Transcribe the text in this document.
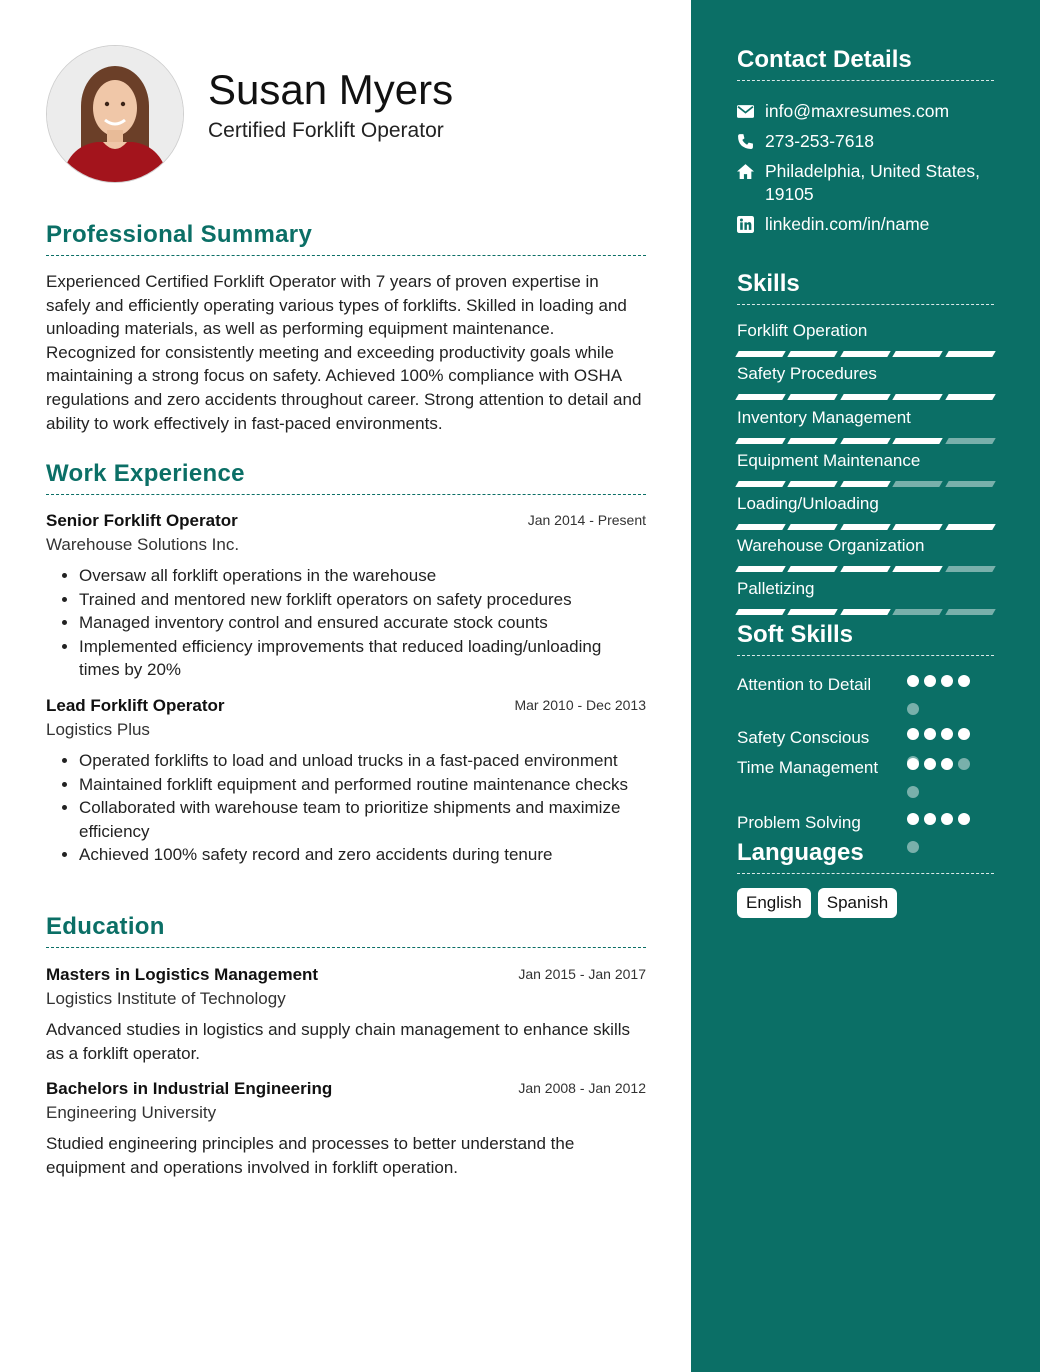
Susan Myers
Certified Forklift Operator
Professional Summary
Experienced Certified Forklift Operator with 7 years of proven expertise in safely and efficiently operating various types of forklifts. Skilled in loading and unloading materials, as well as performing equipment maintenance. Recognized for consistently meeting and exceeding productivity goals while maintaining a strong focus on safety. Achieved 100% compliance with OSHA regulations and zero accidents throughout career. Strong attention to detail and ability to work effectively in fast-paced environments.
Work Experience
Senior Forklift Operator	Jan 2014 - Present
Warehouse Solutions Inc.
• Oversaw all forklift operations in the warehouse
• Trained and mentored new forklift operators on safety procedures
• Managed inventory control and ensured accurate stock counts
• Implemented efficiency improvements that reduced loading/unloading times by 20%
Lead Forklift Operator	Mar 2010 - Dec 2013
Logistics Plus
• Operated forklifts to load and unload trucks in a fast-paced environment
• Maintained forklift equipment and performed routine maintenance checks
• Collaborated with warehouse team to prioritize shipments and maximize efficiency
• Achieved 100% safety record and zero accidents during tenure
Education
Masters in Logistics Management	Jan 2015 - Jan 2017
Logistics Institute of Technology
Advanced studies in logistics and supply chain management to enhance skills as a forklift operator.
Bachelors in Industrial Engineering	Jan 2008 - Jan 2012
Engineering University
Studied engineering principles and processes to better understand the equipment and operations involved in forklift operation.
Contact Details
info@maxresumes.com
273-253-7618
Philadelphia, United States, 19105
linkedin.com/in/name
Skills
Forklift Operation
Safety Procedures
Inventory Management
Equipment Maintenance
Loading/Unloading
Warehouse Organization
Palletizing
Soft Skills
Attention to Detail
Safety Conscious
Time Management
Problem Solving
Languages
English	Spanish
